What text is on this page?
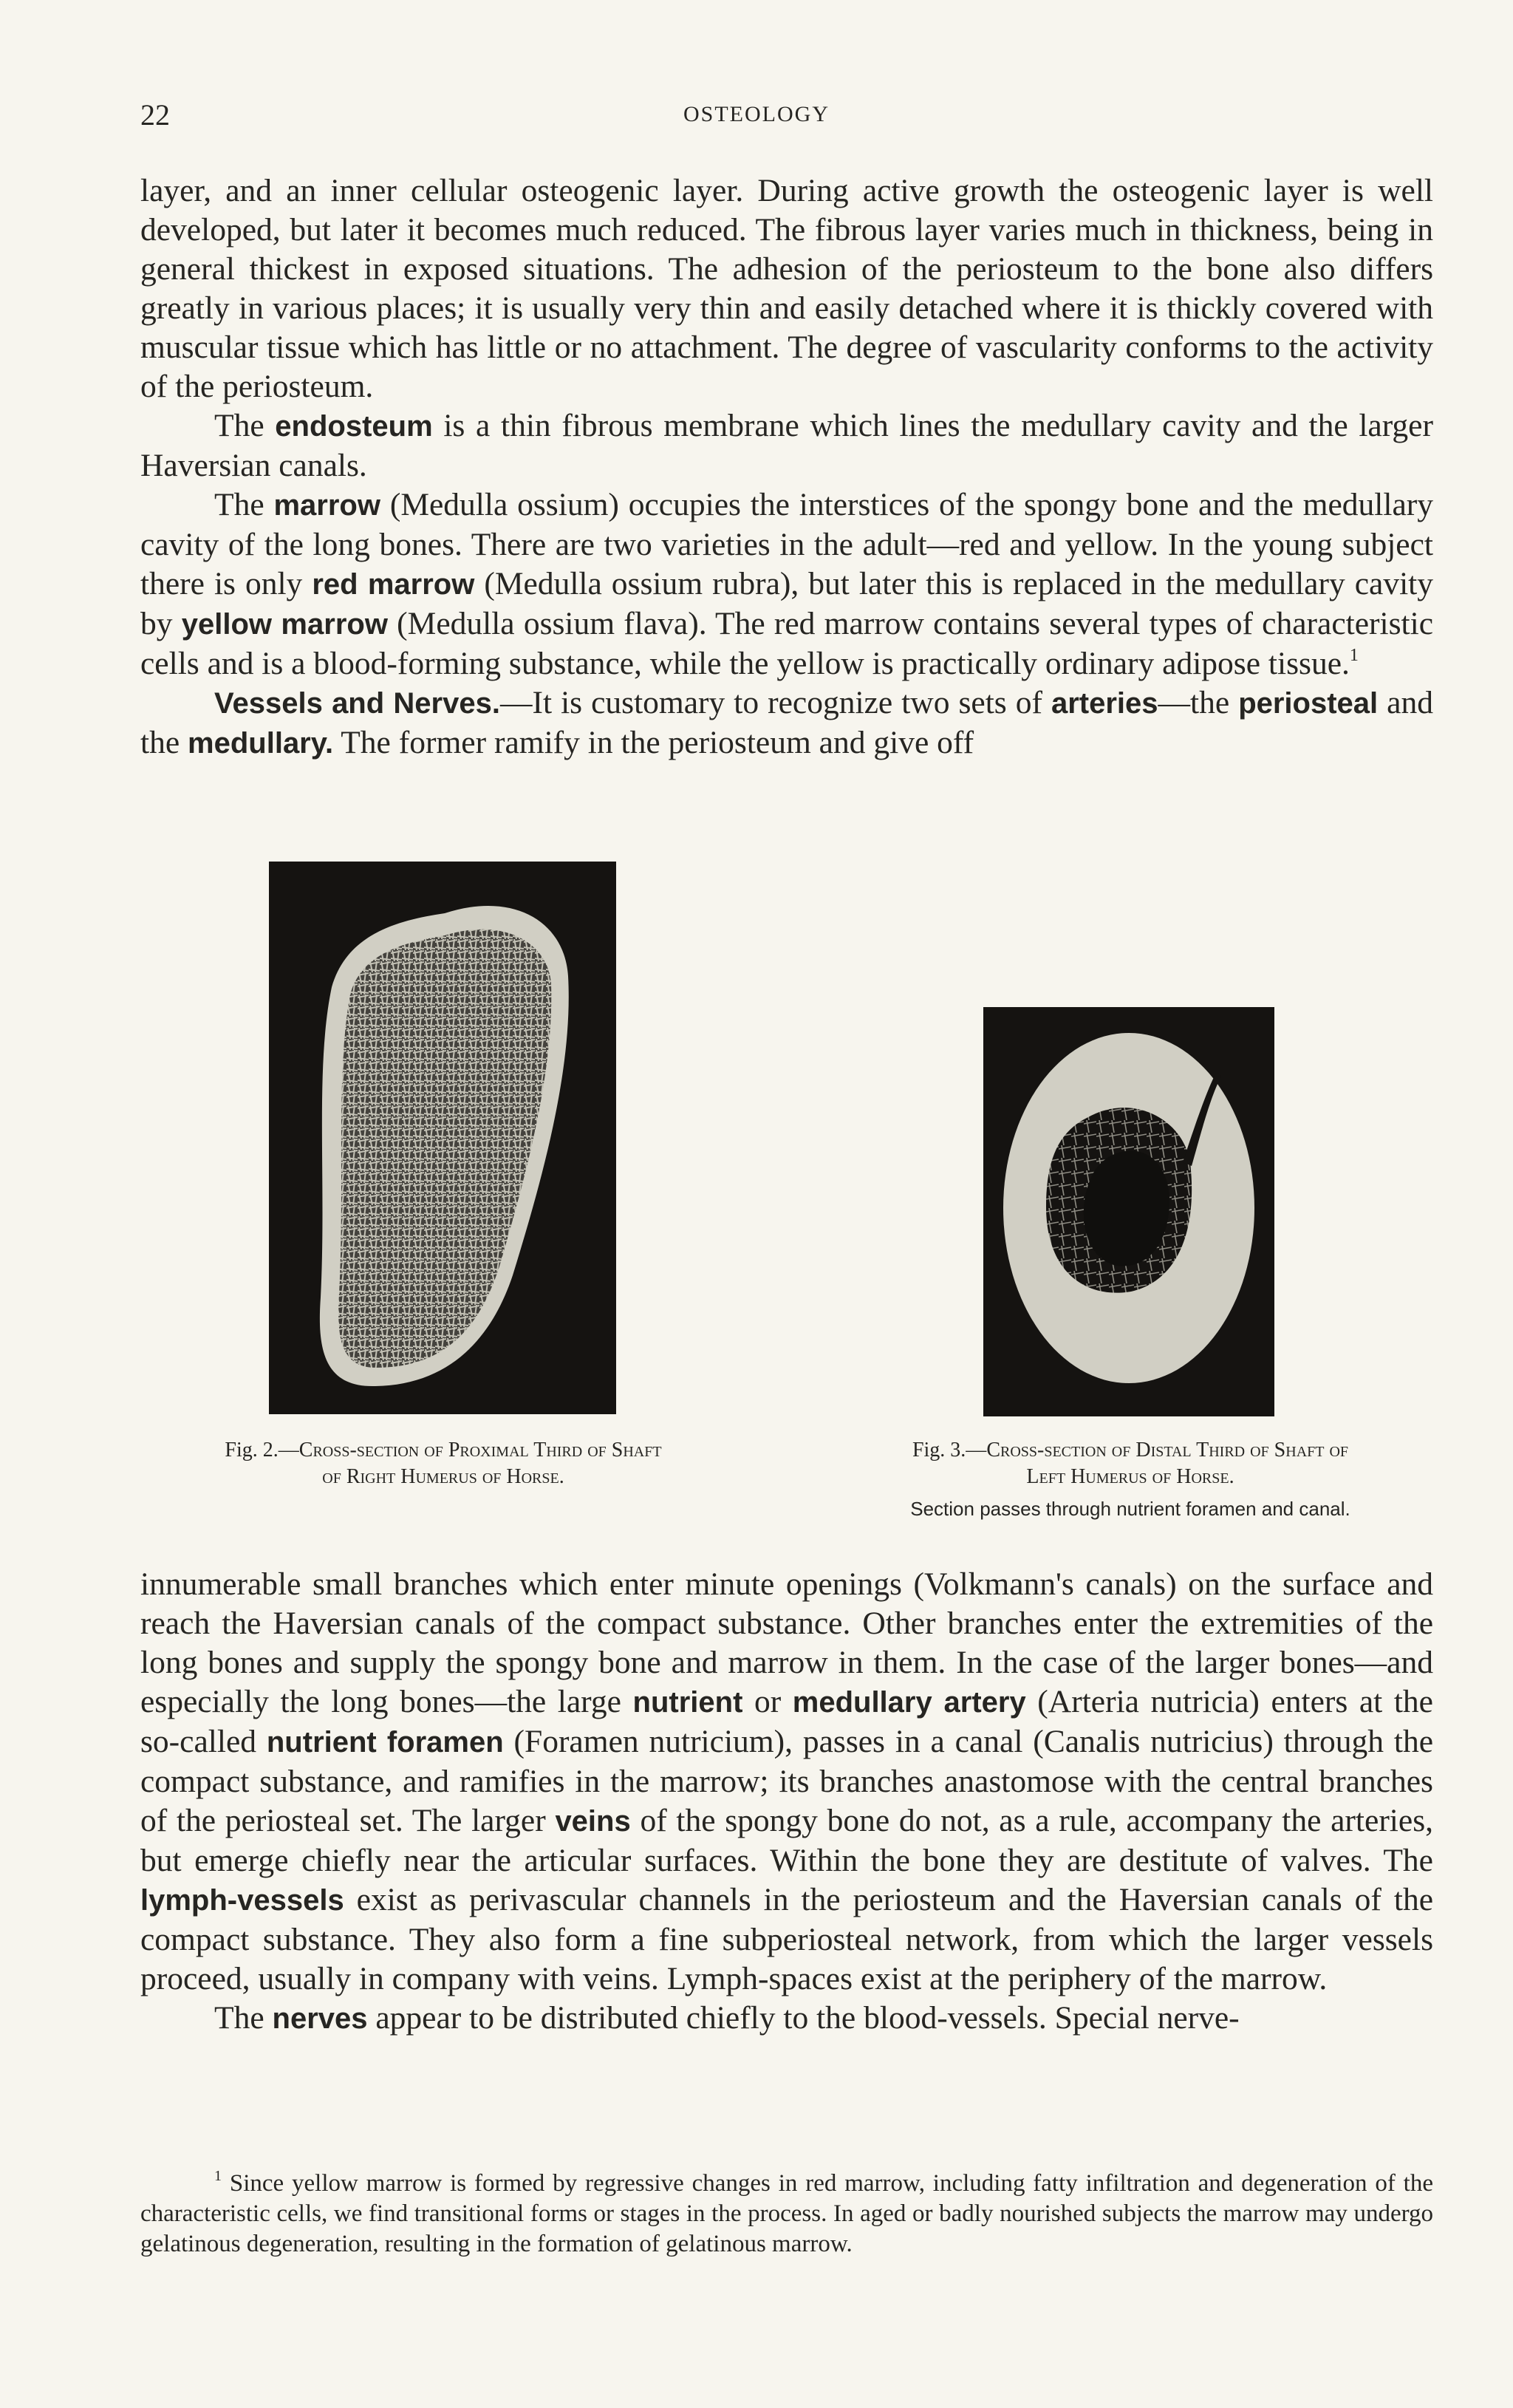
22	OSTEOLOGY

layer, and an inner cellular osteogenic layer. During active growth the osteogenic layer is well developed, but later it becomes much reduced. The fibrous layer varies much in thickness, being in general thickest in exposed situations. The adhesion of the periosteum to the bone also differs greatly in various places; it is usually very thin and easily detached where it is thickly covered with muscular tissue which has little or no attachment. The degree of vascularity conforms to the activity of the periosteum.

The endosteum is a thin fibrous membrane which lines the medullary cavity and the larger Haversian canals.

The marrow (Medulla ossium) occupies the interstices of the spongy bone and the medullary cavity of the long bones. There are two varieties in the adult—red and yellow. In the young subject there is only red marrow (Medulla ossium rubra), but later this is replaced in the medullary cavity by yellow marrow (Medulla ossium flava). The red marrow contains several types of characteristic cells and is a blood-forming substance, while the yellow is practically ordinary adipose tissue.$^1$

Vessels and Nerves.—It is customary to recognize two sets of arteries—the periosteal and the medullary. The former ramify in the periosteum and give off

Fig. 2.—Cross-section of Proximal Third of Shaft
of Right Humerus of Horse.
Fig. 3.—Cross-section of Distal Third of Shaft of
Left Humerus of Horse.
Section passes through nutrient foramen and canal.

innumerable small branches which enter minute openings (Volkmann's canals) on the surface and reach the Haversian canals of the compact substance. Other branches enter the extremities of the long bones and supply the spongy bone and marrow in them. In the case of the larger bones—and especially the long bones—the large nutrient or medullary artery (Arteria nutricia) enters at the so-called nutrient foramen (Foramen nutricium), passes in a canal (Canalis nutricius) through the compact substance, and ramifies in the marrow; its branches anastomose with the central branches of the periosteal set. The larger veins of the spongy bone do not, as a rule, accompany the arteries, but emerge chiefly near the articular surfaces. Within the bone they are destitute of valves. The lymph-vessels exist as perivascular channels in the periosteum and the Haversian canals of the compact substance. They also form a fine subperiosteal network, from which the larger vessels proceed, usually in company with veins. Lymph-spaces exist at the periphery of the marrow.

The nerves appear to be distributed chiefly to the blood-vessels. Special nerve-

$^1$ Since yellow marrow is formed by regressive changes in red marrow, including fatty infiltration and degeneration of the characteristic cells, we find transitional forms or stages in the process. In aged or badly nourished subjects the marrow may undergo gelatinous degeneration, resulting in the formation of gelatinous marrow.
